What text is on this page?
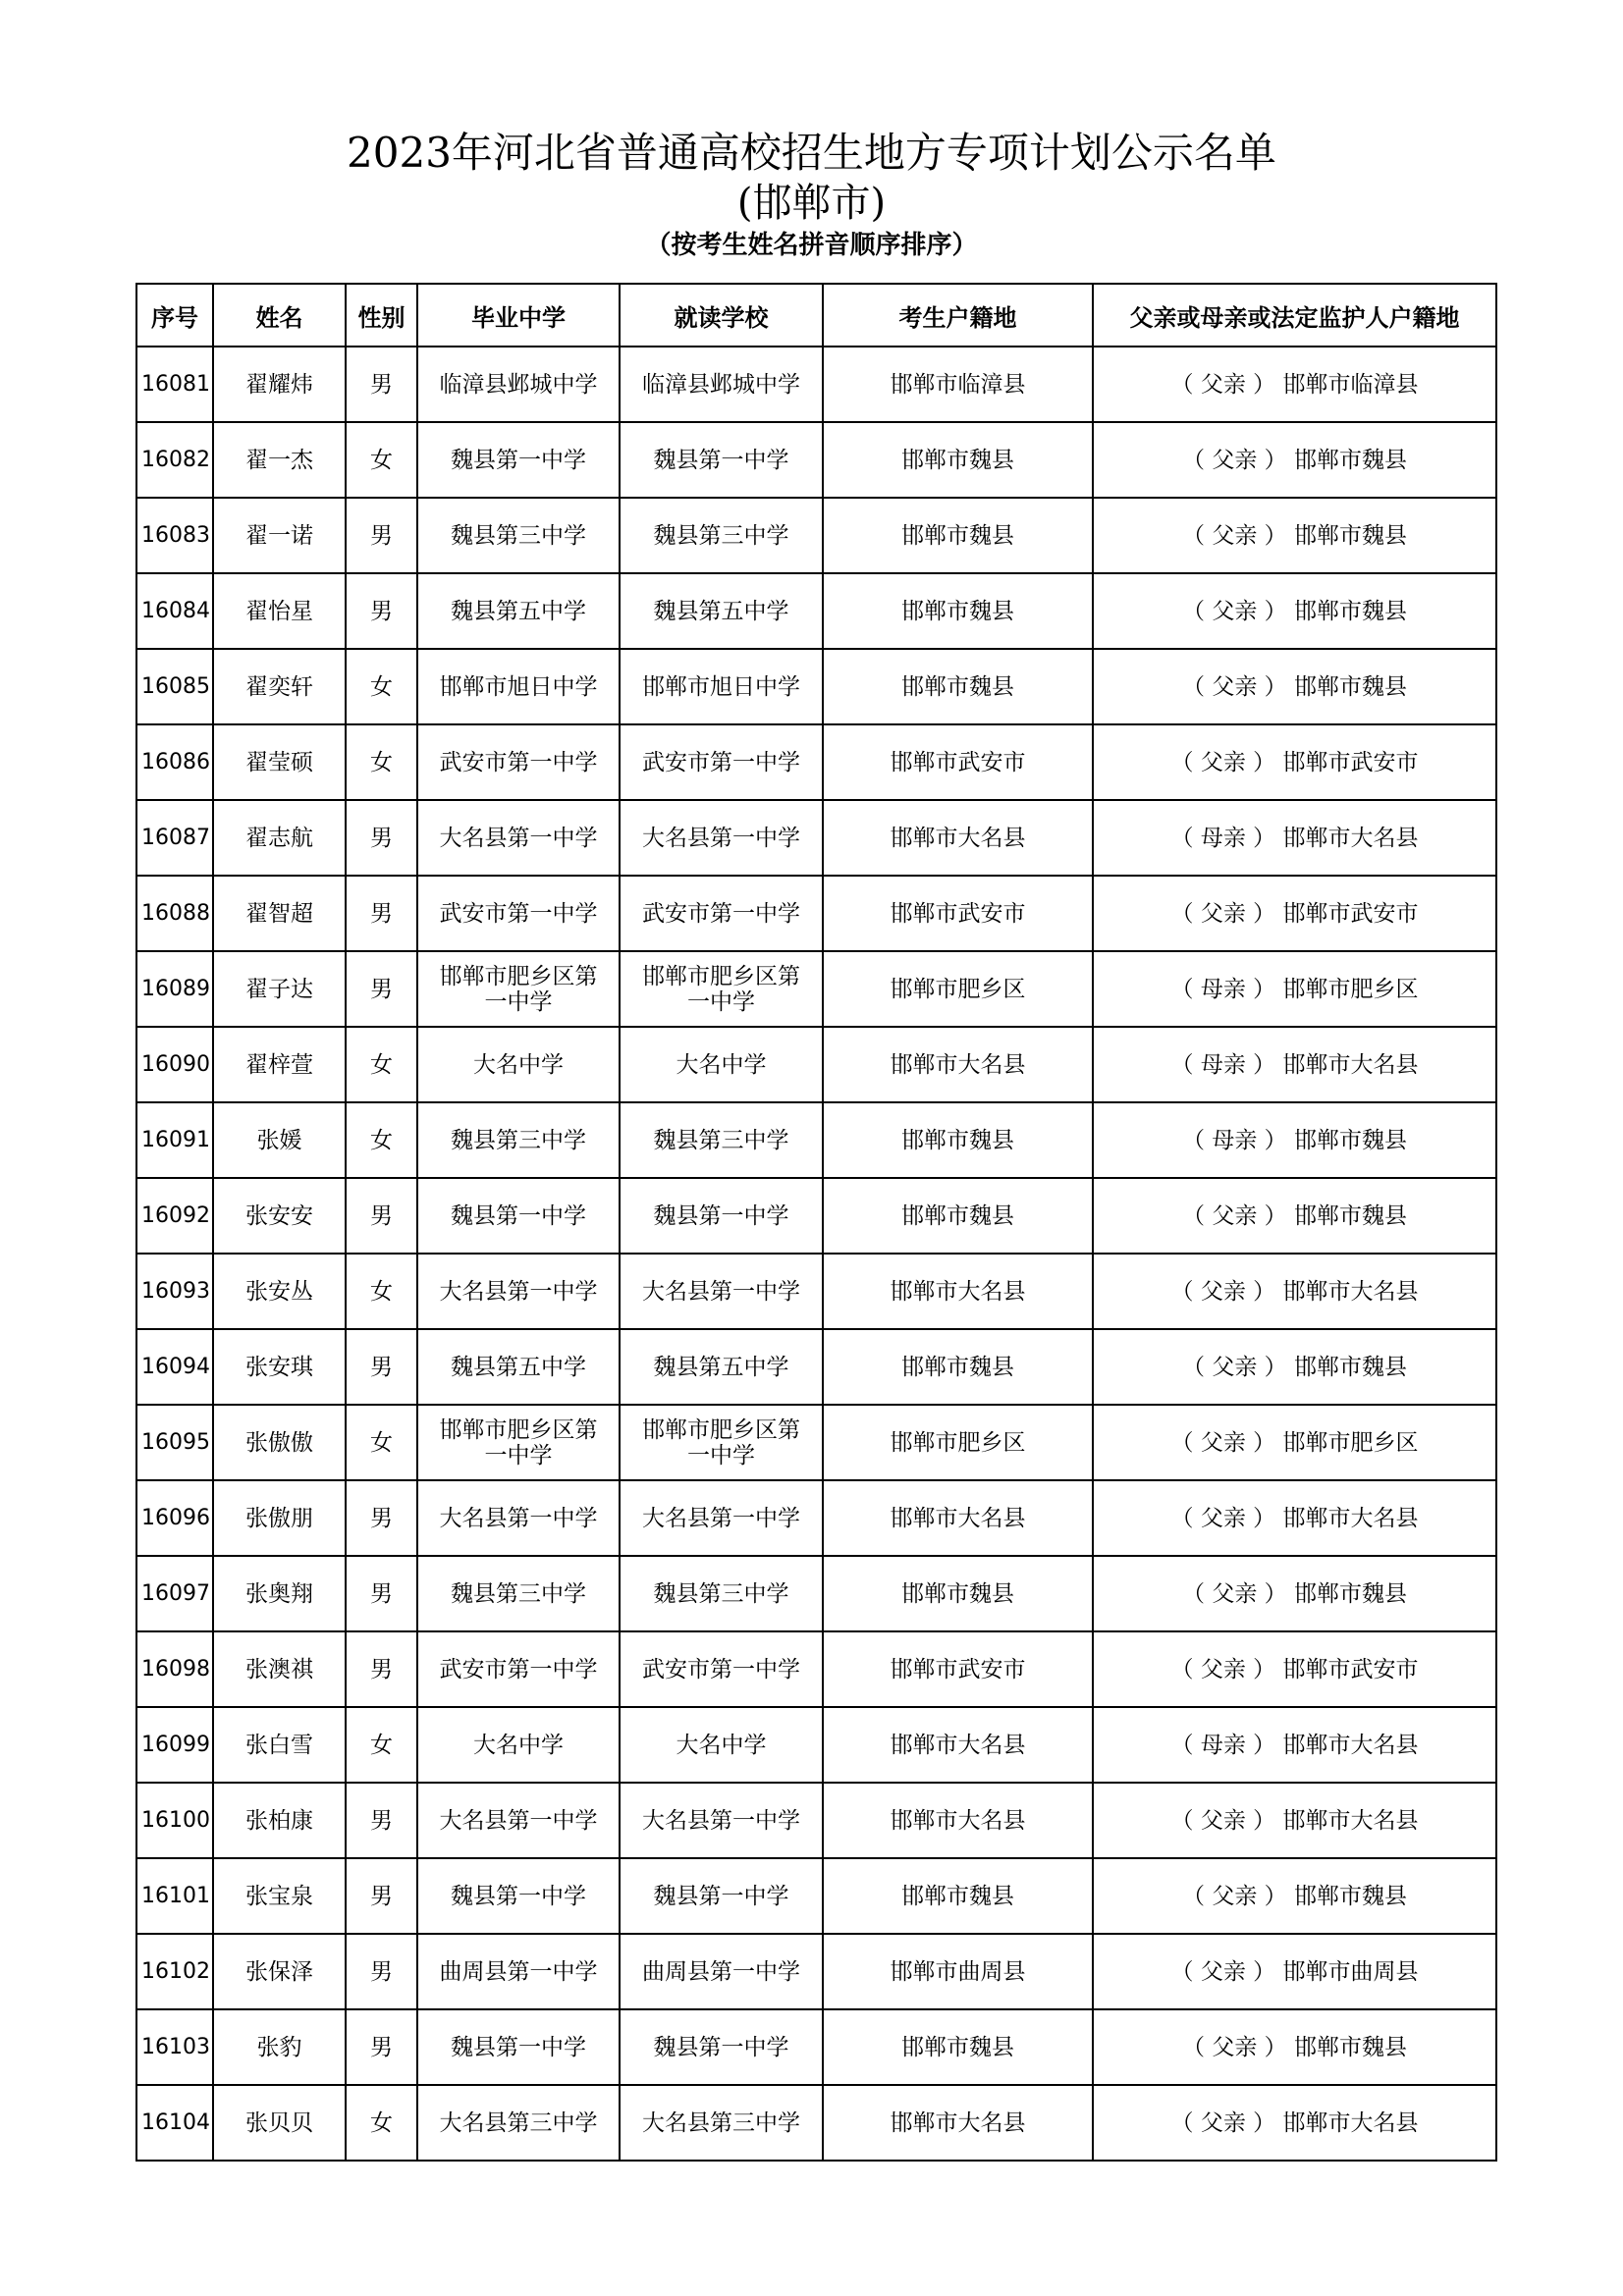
2023年河北省普通高校招生地方专项计划公示名单
(邯郸市)
（按考生姓名拼音顺序排序）
序号	姓名	性别	毕业中学	就读学校	考生户籍地	父亲或母亲或法定监护人户籍地
16081	翟耀炜	男	临漳县邺城中学	临漳县邺城中学	邯郸市临漳县	（ 父亲 ） 邯郸市临漳县
16082	翟一杰	女	魏县第一中学	魏县第一中学	邯郸市魏县	（ 父亲 ） 邯郸市魏县
16083	翟一诺	男	魏县第三中学	魏县第三中学	邯郸市魏县	（ 父亲 ） 邯郸市魏县
16084	翟怡星	男	魏县第五中学	魏县第五中学	邯郸市魏县	（ 父亲 ） 邯郸市魏县
16085	翟奕轩	女	邯郸市旭日中学	邯郸市旭日中学	邯郸市魏县	（ 父亲 ） 邯郸市魏县
16086	翟莹硕	女	武安市第一中学	武安市第一中学	邯郸市武安市	（ 父亲 ） 邯郸市武安市
16087	翟志航	男	大名县第一中学	大名县第一中学	邯郸市大名县	（ 母亲 ） 邯郸市大名县
16088	翟智超	男	武安市第一中学	武安市第一中学	邯郸市武安市	（ 父亲 ） 邯郸市武安市
16089	翟子达	男	邯郸市肥乡区第一中学	邯郸市肥乡区第一中学	邯郸市肥乡区	（ 母亲 ） 邯郸市肥乡区
16090	翟梓萱	女	大名中学	大名中学	邯郸市大名县	（ 母亲 ） 邯郸市大名县
16091	张媛	女	魏县第三中学	魏县第三中学	邯郸市魏县	（ 母亲 ） 邯郸市魏县
16092	张安安	男	魏县第一中学	魏县第一中学	邯郸市魏县	（ 父亲 ） 邯郸市魏县
16093	张安丛	女	大名县第一中学	大名县第一中学	邯郸市大名县	（ 父亲 ） 邯郸市大名县
16094	张安琪	男	魏县第五中学	魏县第五中学	邯郸市魏县	（ 父亲 ） 邯郸市魏县
16095	张傲傲	女	邯郸市肥乡区第一中学	邯郸市肥乡区第一中学	邯郸市肥乡区	（ 父亲 ） 邯郸市肥乡区
16096	张傲朋	男	大名县第一中学	大名县第一中学	邯郸市大名县	（ 父亲 ） 邯郸市大名县
16097	张奥翔	男	魏县第三中学	魏县第三中学	邯郸市魏县	（ 父亲 ） 邯郸市魏县
16098	张澳祺	男	武安市第一中学	武安市第一中学	邯郸市武安市	（ 父亲 ） 邯郸市武安市
16099	张白雪	女	大名中学	大名中学	邯郸市大名县	（ 母亲 ） 邯郸市大名县
16100	张柏康	男	大名县第一中学	大名县第一中学	邯郸市大名县	（ 父亲 ） 邯郸市大名县
16101	张宝泉	男	魏县第一中学	魏县第一中学	邯郸市魏县	（ 父亲 ） 邯郸市魏县
16102	张保泽	男	曲周县第一中学	曲周县第一中学	邯郸市曲周县	（ 父亲 ） 邯郸市曲周县
16103	张豹	男	魏县第一中学	魏县第一中学	邯郸市魏县	（ 父亲 ） 邯郸市魏县
16104	张贝贝	女	大名县第三中学	大名县第三中学	邯郸市大名县	（ 父亲 ） 邯郸市大名县
